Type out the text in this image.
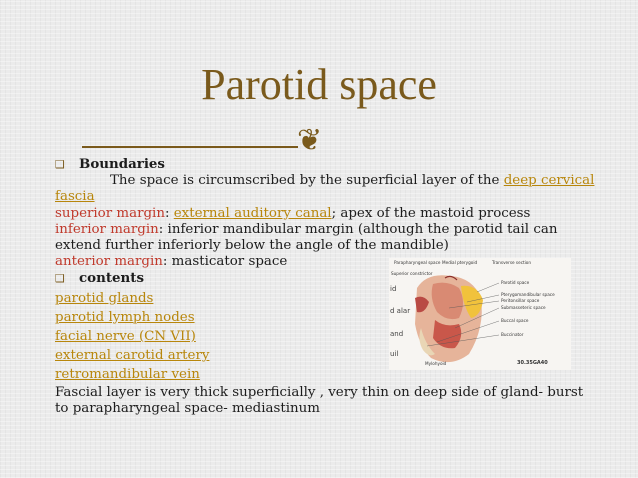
Parotid space
❦
❑ Boundaries
The space is circumscribed by the superficial layer of the deep cervical
fascia
superior margin: external auditory canal; apex of the mastoid process
inferior margin: inferior mandibular margin (although the parotid tail can extend further inferiorly below the angle of the mandible)
anterior margin: masticator space
❑ contents
parotid glands
parotid lymph nodes
facial nerve (CN VII)
external carotid artery
retromandibular vein
Fascial layer is very thick superficially , very thin on deep side of gland- burst to parapharyngeal space- mediastinum
id
d alar
and
uil
Parapharyngeal space Medial pterygoid	Transverse section
Superior constrictor
Parotid space
Pterygomandibular space
Peritonsillar space
Submasseteric space
Buccal space
Buccinator
Mylohyoid	30.35GA40
